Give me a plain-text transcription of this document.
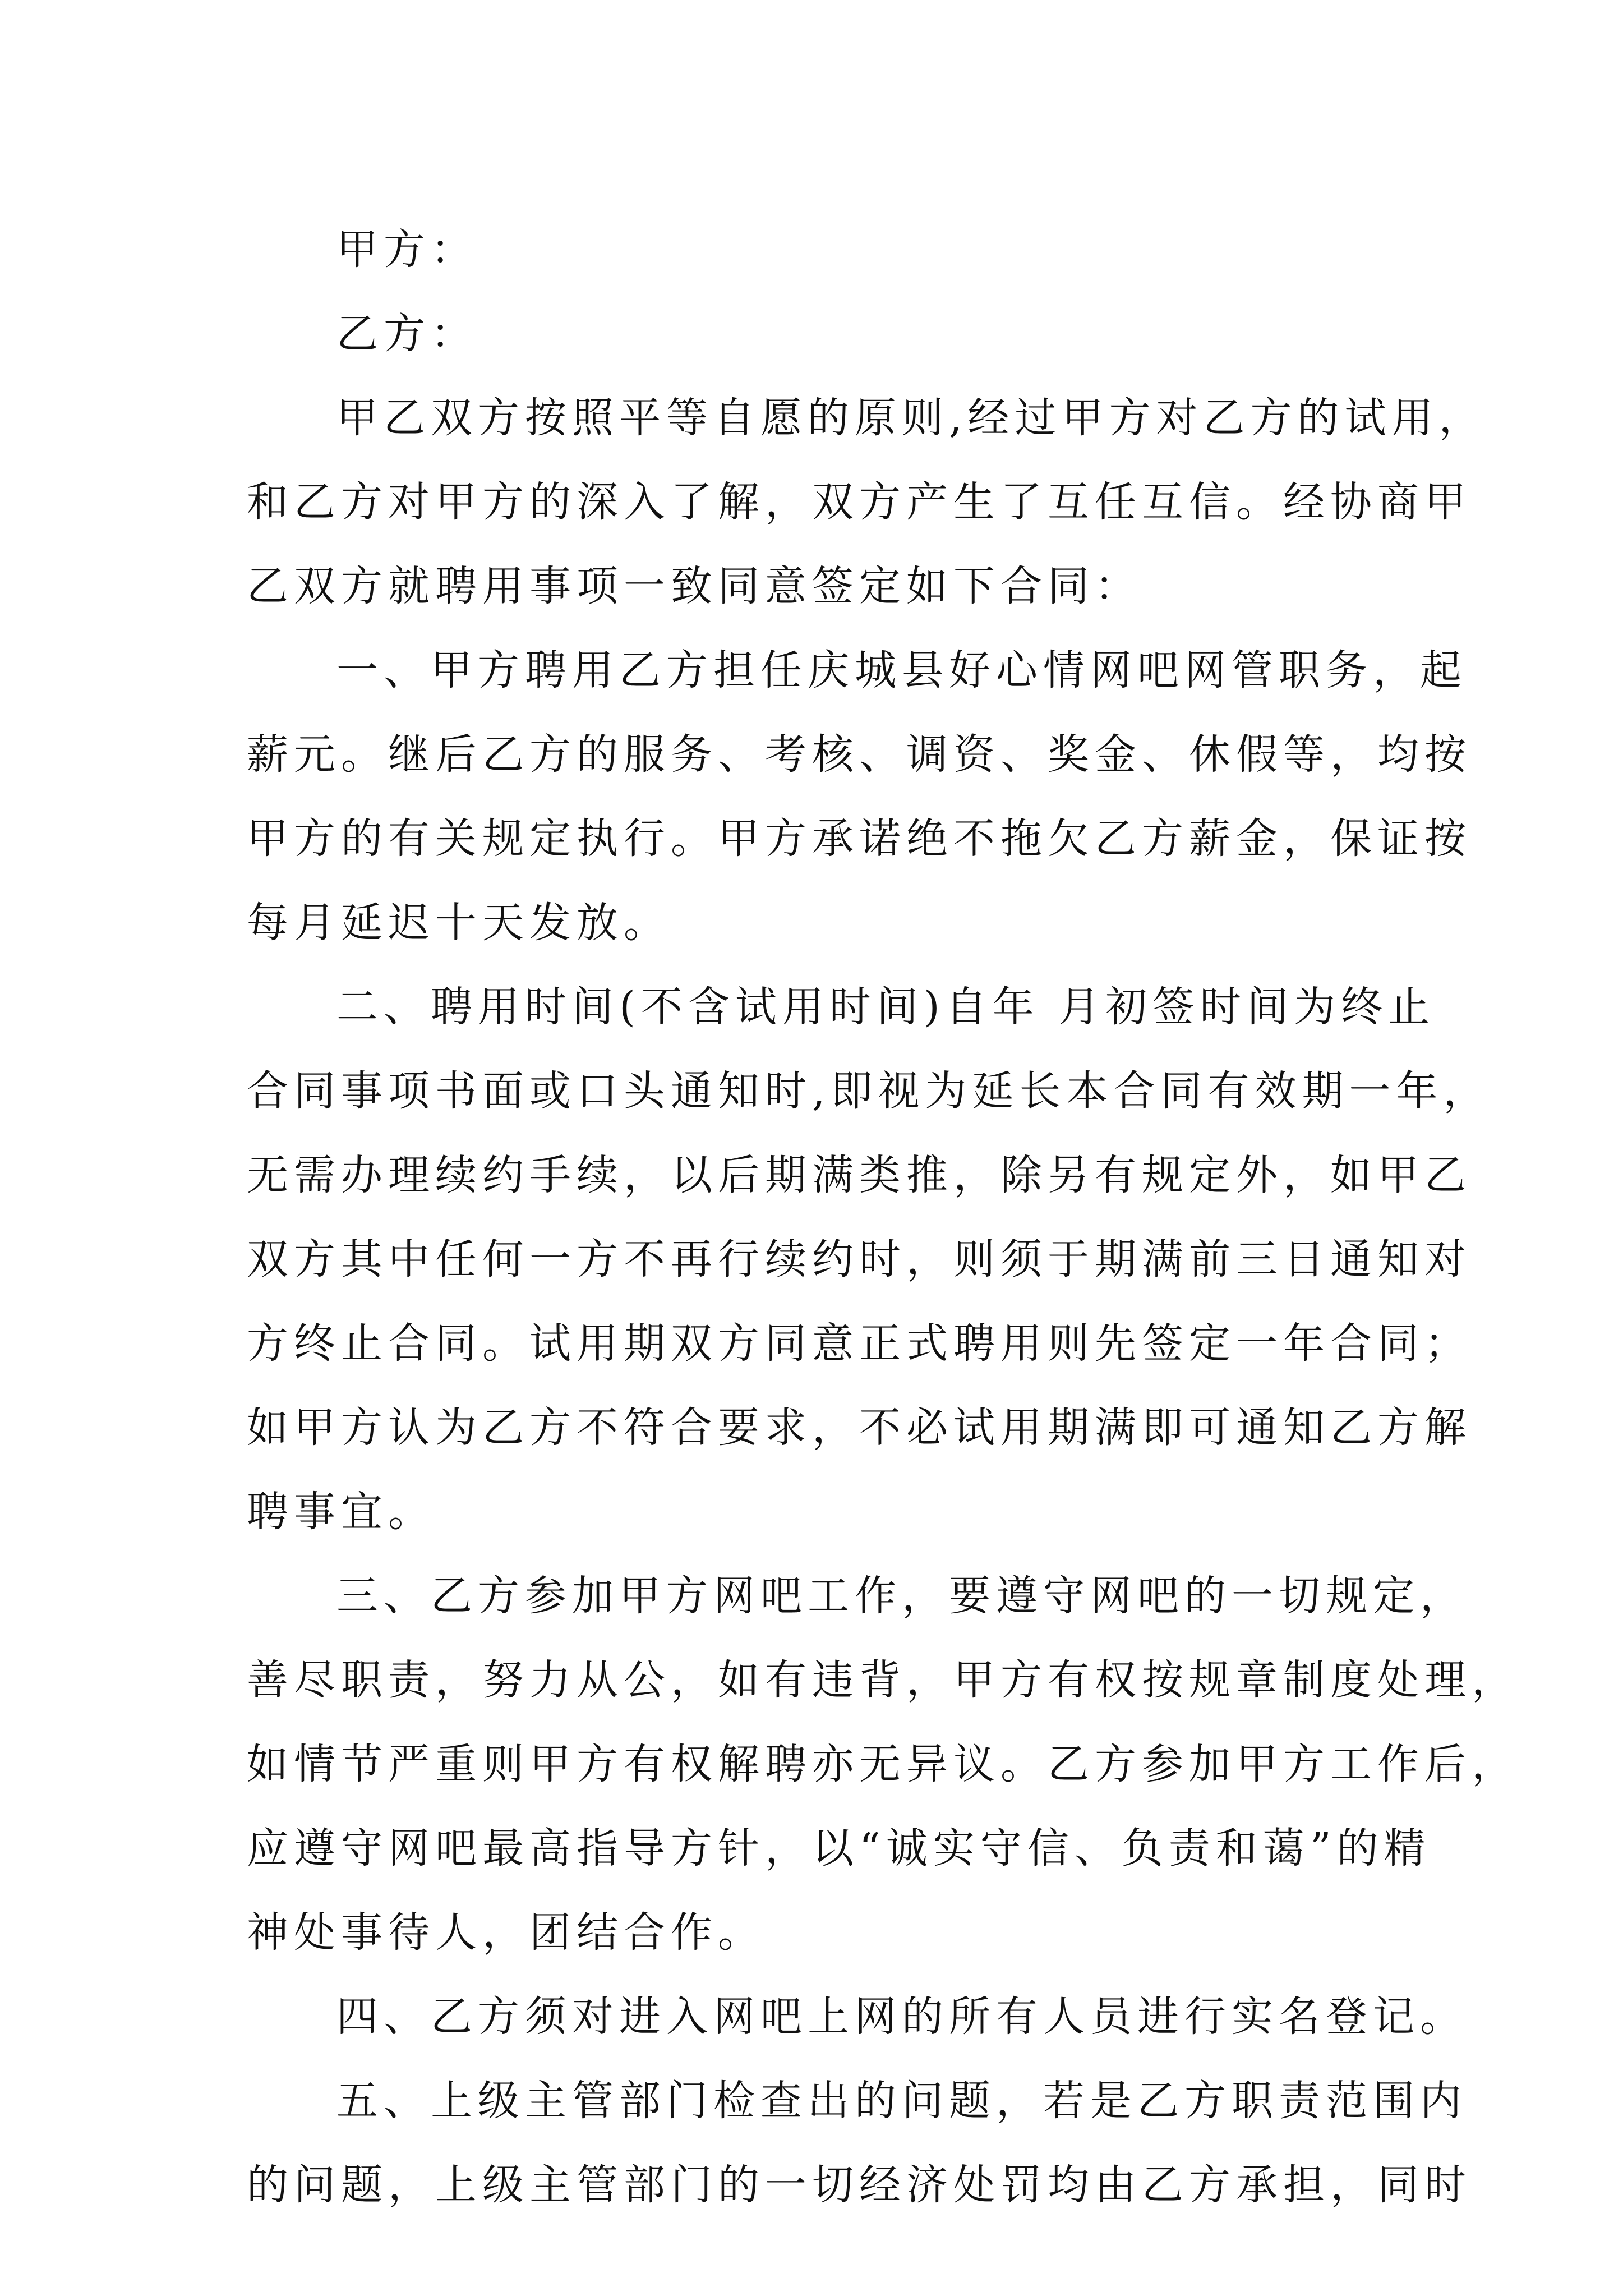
甲方：
乙方：
甲乙双方按照平等自愿的原则,经过甲方对乙方的试用，
和乙方对甲方的深入了解，双方产生了互任互信。经协商甲
乙双方就聘用事项一致同意签定如下合同：
一、甲方聘用乙方担任庆城县好心情网吧网管职务，起
薪元。继后乙方的服务、考核、调资、奖金、休假等，均按
甲方的有关规定执行。甲方承诺绝不拖欠乙方薪金，保证按
每月延迟十天发放。
二、聘用时间(不含试用时间)自年 月初签时间为终止
合同事项书面或口头通知时,即视为延长本合同有效期一年，
无需办理续约手续，以后期满类推，除另有规定外，如甲乙
双方其中任何一方不再行续约时，则须于期满前三日通知对
方终止合同。试用期双方同意正式聘用则先签定一年合同；
如甲方认为乙方不符合要求，不必试用期满即可通知乙方解
聘事宜。
三、乙方参加甲方网吧工作，要遵守网吧的一切规定，
善尽职责，努力从公，如有违背，甲方有权按规章制度处理，
如情节严重则甲方有权解聘亦无异议。乙方参加甲方工作后，
应遵守网吧最高指导方针，以“诚实守信、负责和蔼”的精
神处事待人，团结合作。
四、乙方须对进入网吧上网的所有人员进行实名登记。
五、上级主管部门检查出的问题，若是乙方职责范围内
的问题，上级主管部门的一切经济处罚均由乙方承担，同时
